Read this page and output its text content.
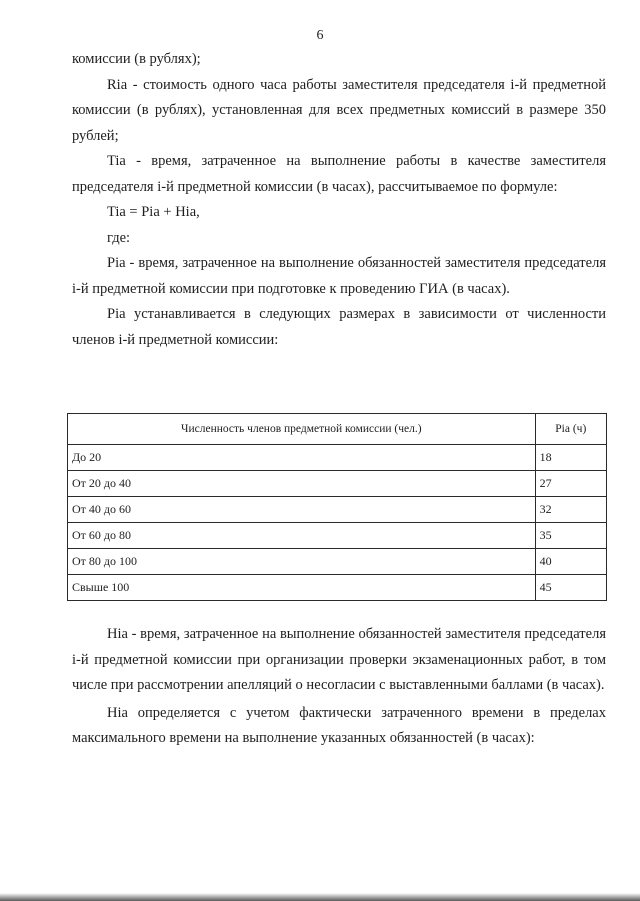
6

комиссии (в рублях);

Ria - стоимость одного часа работы заместителя председателя i-й предметной комиссии (в рублях), установленная для всех предметных комиссий в размере 350 рублей;

Tia - время, затраченное на выполнение работы в качестве заместителя председателя i-й предметной комиссии (в часах), рассчитываемое по формуле:

Tia = Pia + Hia,

где:

Pia - время, затраченное на выполнение обязанностей заместителя председателя i-й предметной комиссии при подготовке к проведению ГИА (в часах).

Pia устанавливается в следующих размерах в зависимости от численности членов i-й предметной комиссии:

Численность членов предметной комиссии (чел.)	Pia (ч)
До 20	18
От 20 до 40	27
От 40 до 60	32
От 60 до 80	35
От 80 до 100	40
Свыше 100	45

Hia - время, затраченное на выполнение обязанностей заместителя председателя i-й предметной комиссии при организации проверки экзаменационных работ, в том числе при рассмотрении апелляций о несогласии с выставленными баллами (в часах).

Hia определяется с учетом фактически затраченного времени в пределах максимального времени на выполнение указанных обязанностей (в часах):
